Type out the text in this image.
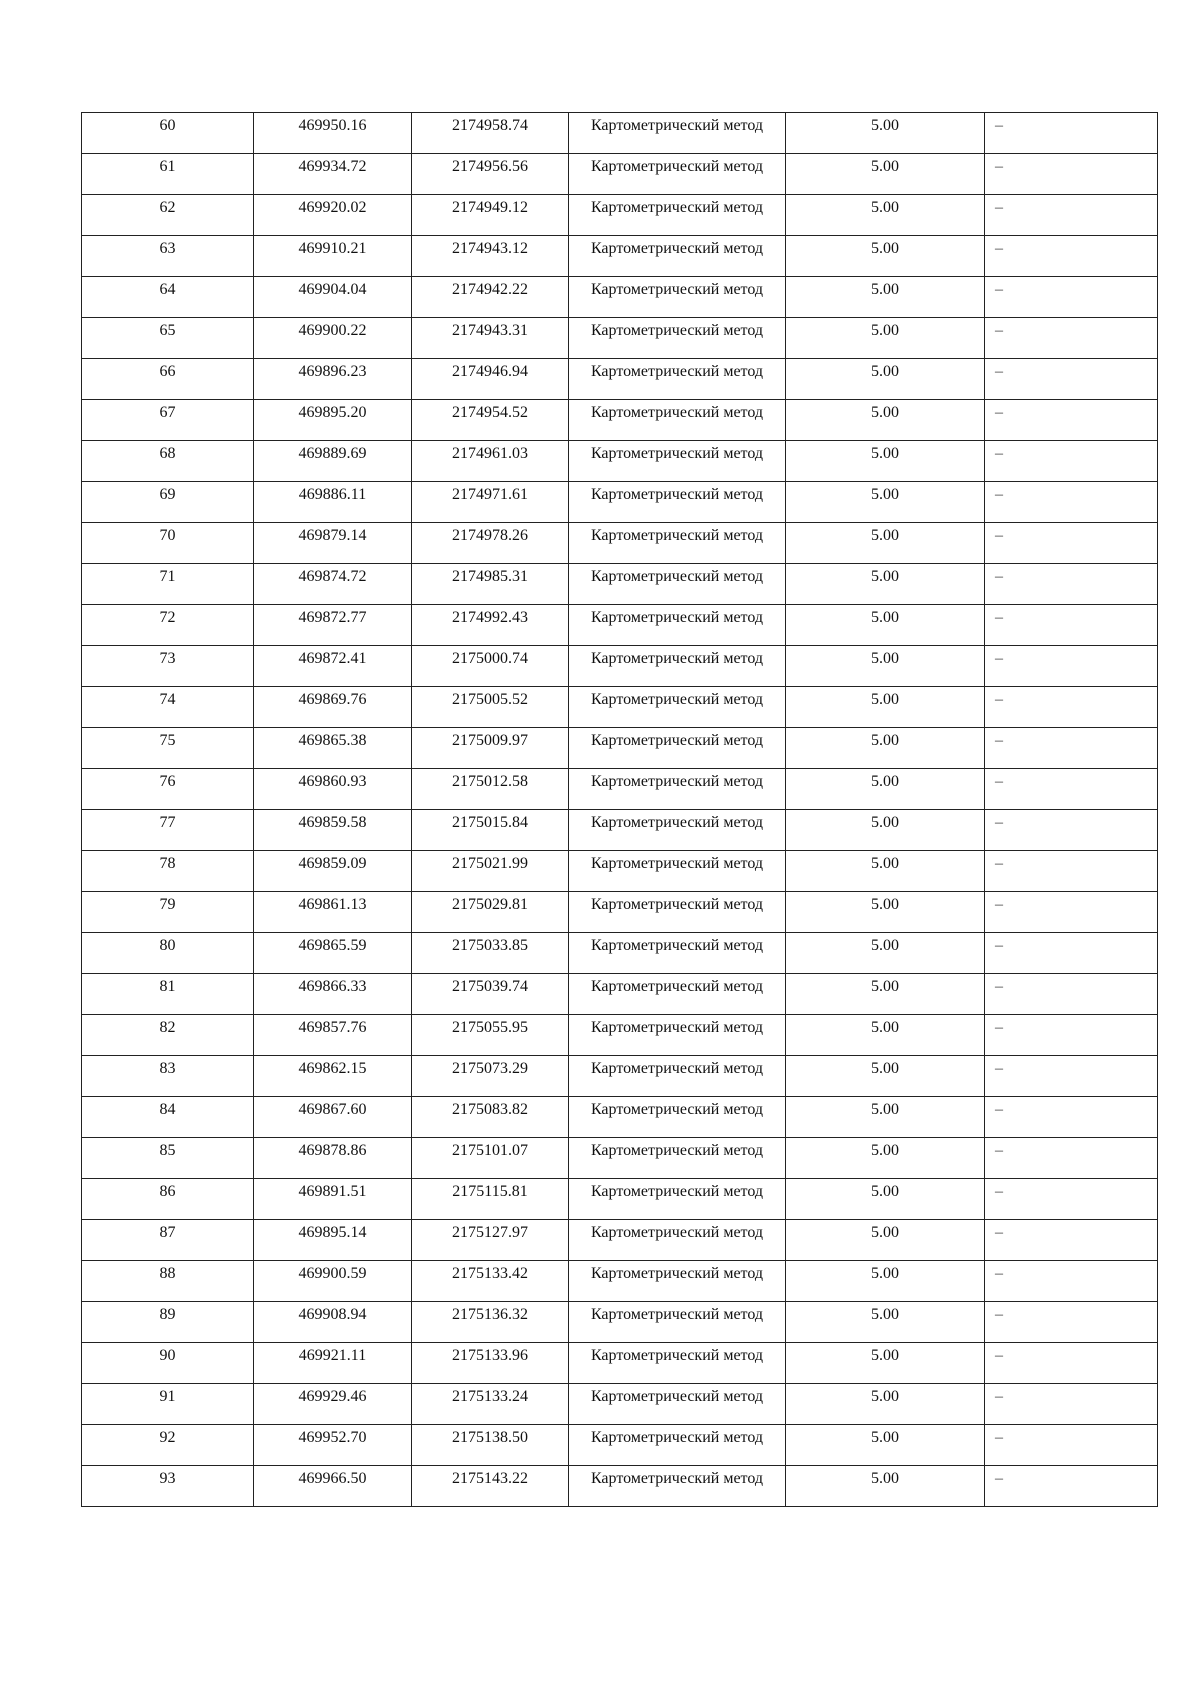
60	469950.16	2174958.74	Картометрический метод	5.00	–
61	469934.72	2174956.56	Картометрический метод	5.00	–
62	469920.02	2174949.12	Картометрический метод	5.00	–
63	469910.21	2174943.12	Картометрический метод	5.00	–
64	469904.04	2174942.22	Картометрический метод	5.00	–
65	469900.22	2174943.31	Картометрический метод	5.00	–
66	469896.23	2174946.94	Картометрический метод	5.00	–
67	469895.20	2174954.52	Картометрический метод	5.00	–
68	469889.69	2174961.03	Картометрический метод	5.00	–
69	469886.11	2174971.61	Картометрический метод	5.00	–
70	469879.14	2174978.26	Картометрический метод	5.00	–
71	469874.72	2174985.31	Картометрический метод	5.00	–
72	469872.77	2174992.43	Картометрический метод	5.00	–
73	469872.41	2175000.74	Картометрический метод	5.00	–
74	469869.76	2175005.52	Картометрический метод	5.00	–
75	469865.38	2175009.97	Картометрический метод	5.00	–
76	469860.93	2175012.58	Картометрический метод	5.00	–
77	469859.58	2175015.84	Картометрический метод	5.00	–
78	469859.09	2175021.99	Картометрический метод	5.00	–
79	469861.13	2175029.81	Картометрический метод	5.00	–
80	469865.59	2175033.85	Картометрический метод	5.00	–
81	469866.33	2175039.74	Картометрический метод	5.00	–
82	469857.76	2175055.95	Картометрический метод	5.00	–
83	469862.15	2175073.29	Картометрический метод	5.00	–
84	469867.60	2175083.82	Картометрический метод	5.00	–
85	469878.86	2175101.07	Картометрический метод	5.00	–
86	469891.51	2175115.81	Картометрический метод	5.00	–
87	469895.14	2175127.97	Картометрический метод	5.00	–
88	469900.59	2175133.42	Картометрический метод	5.00	–
89	469908.94	2175136.32	Картометрический метод	5.00	–
90	469921.11	2175133.96	Картометрический метод	5.00	–
91	469929.46	2175133.24	Картометрический метод	5.00	–
92	469952.70	2175138.50	Картометрический метод	5.00	–
93	469966.50	2175143.22	Картометрический метод	5.00	–
